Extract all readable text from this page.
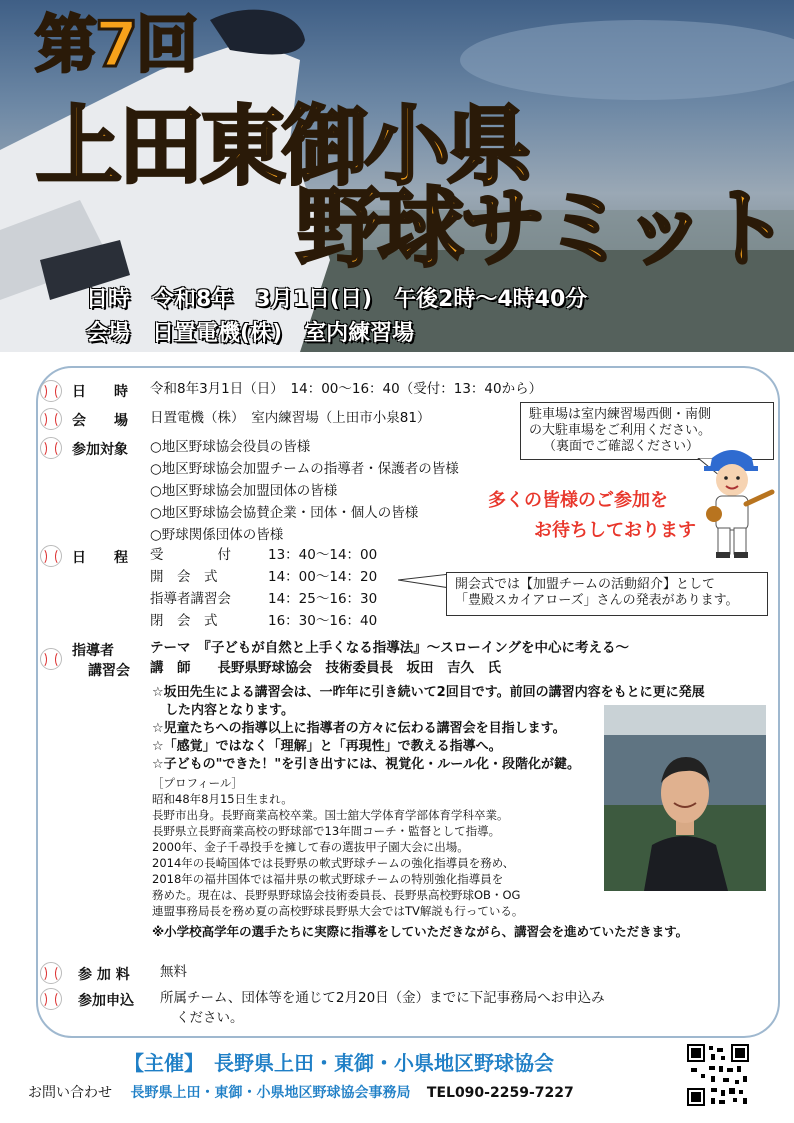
第7回
上田東御小県
野球サミット
日時　令和8年　3月1日(日)　午後2時～4時40分
会場　日置電機(株)　室内練習場
日　　時 令和8年3月1日（日）　14：00～16：40（受付：13：40から）
会　　場 日置電機（株）　室内練習場（上田市小泉81）
参加対象 ○地区野球協会役員の皆様
○地区野球協会加盟チームの指導者・保護者の皆様
○地区野球協会加盟団体の皆様
○地区野球協会協賛企業・団体・個人の皆様
○野球関係団体の皆様
日　　程 受　　　　付	13：40～14：00
開　会　式	14：00～14：20
指導者講習会	14：25～16：30
閉　会　式	16：30～16：40
開会式では【加盟チームの活動紹介】として
「豊殿スカイアローズ」さんの発表があります。
駐車場は室内練習場西側・南側
の大駐車場をご利用ください。
（裏面でご確認ください）
多くの皆様のご参加を
お待ちしております
指導者
講習会
テーマ　『子どもが自然と上手くなる指導法』～スローイングを中心に考える～
講　師　　長野県野球協会　技術委員長　坂田　吉久　氏
☆坂田先生による講習会は、一昨年に引き続いて2回目です。前回の講習内容をもとに更に発展
　した内容となります。
☆児童たちへの指導以上に指導者の方々に伝わる講習会を目指します。
☆「感覚」ではなく「理解」と「再現性」で教える指導へ。
☆子どもの"できた！"を引き出すには、視覚化・ルール化・段階化が鍵。
［プロフィール］
昭和48年8月15日生まれ。
長野市出身。長野商業高校卒業。国士舘大学体育学部体育学科卒業。
長野県立長野商業高校の野球部で13年間コーチ・監督として指導。
2000年、金子千尋投手を擁して春の選抜甲子園大会に出場。
2014年の長崎国体では長野県の軟式野球チームの強化指導員を務め、
2018年の福井国体では福井県の軟式野球チームの特別強化指導員を
務めた。現在は、長野県野球協会技術委員長、長野県高校野球OB・OG
連盟事務局長を務め夏の高校野球長野県大会ではTV解説も行っている。
※小学校高学年の選手たちに実際に指導をしていただきながら、講習会を進めていただきます。
参 加 料 無料
参加申込 所属チーム、団体等を通じて2月20日（金）までに下記事務局へお申込み
ください。
【主催】　長野県上田・東御・小県地区野球協会
お問い合わせ 長野県上田・東御・小県地区野球協会事務局 TEL090-2259-7227
